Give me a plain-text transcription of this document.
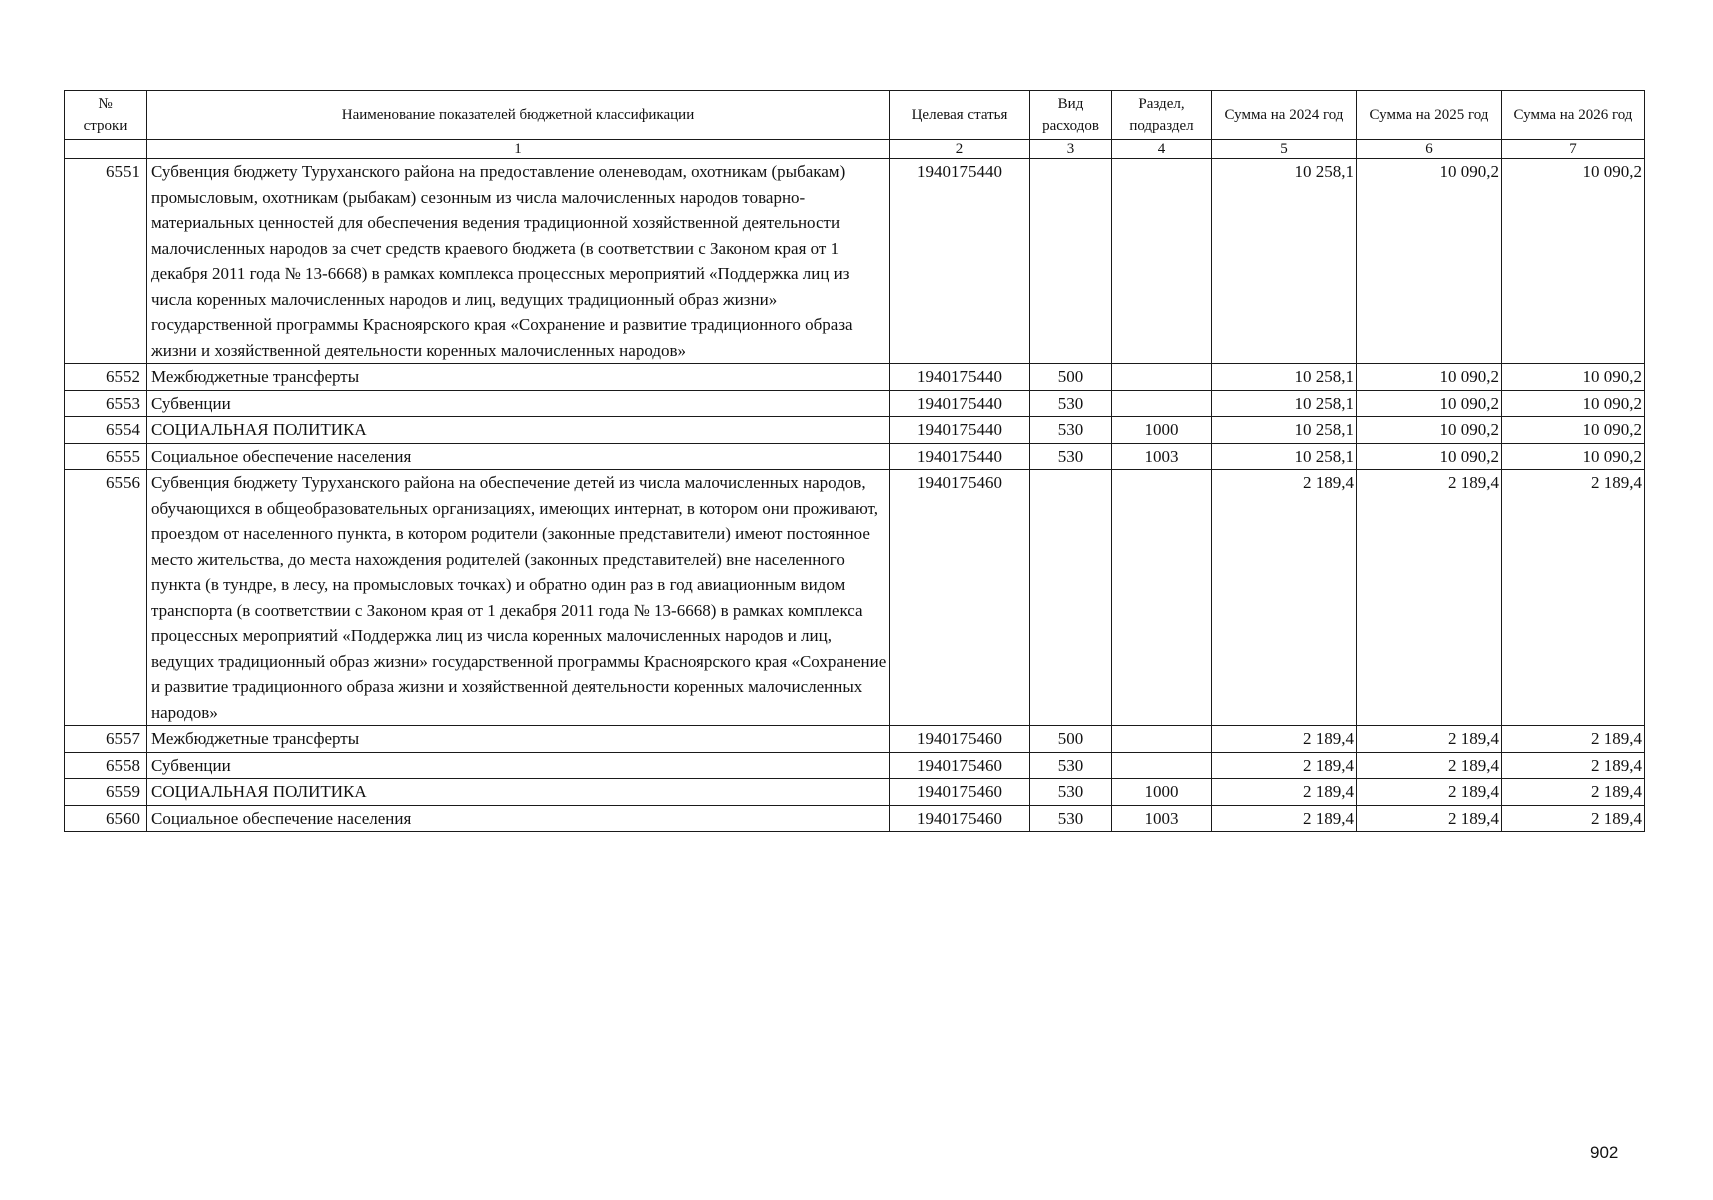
№
строки	Наименование показателей бюджетной классификации	Целевая статья	Вид расходов	Раздел, подраздел	Сумма на 2024 год	Сумма на 2025 год	Сумма на 2026 год
	1	2	3	4	5	6	7
6551	Субвенция бюджету Туруханского района на предоставление оленеводам, охотникам (рыбакам) промысловым, охотникам (рыбакам) сезонным из числа малочисленных народов товарно-материальных ценностей для обеспечения ведения традиционной хозяйственной деятельности малочисленных народов за счет средств краевого бюджета (в соответствии с Законом края от 1 декабря 2011 года № 13-6668) в рамках комплекса процессных мероприятий «Поддержка лиц из числа коренных малочисленных народов и лиц, ведущих традиционный образ жизни» государственной программы Красноярского края «Сохранение и развитие традиционного образа жизни и хозяйственной деятельности коренных малочисленных народов»	1940175440			10 258,1	10 090,2	10 090,2
6552	Межбюджетные трансферты	1940175440	500		10 258,1	10 090,2	10 090,2
6553	Субвенции	1940175440	530		10 258,1	10 090,2	10 090,2
6554	СОЦИАЛЬНАЯ ПОЛИТИКА	1940175440	530	1000	10 258,1	10 090,2	10 090,2
6555	Социальное обеспечение населения	1940175440	530	1003	10 258,1	10 090,2	10 090,2
6556	Субвенция бюджету Туруханского района на обеспечение детей из числа малочисленных народов, обучающихся в общеобразовательных организациях, имеющих интернат, в котором они проживают, проездом от населенного пункта, в котором родители (законные представители) имеют постоянное место жительства, до места нахождения родителей (законных представителей) вне населенного пункта (в тундре, в лесу, на промысловых точках) и обратно один раз в год авиационным видом транспорта (в соответствии с Законом края от 1 декабря 2011 года № 13-6668) в рамках комплекса процессных мероприятий «Поддержка лиц из числа коренных малочисленных народов и лиц, ведущих традиционный образ жизни» государственной программы Красноярского края «Сохранение и развитие традиционного образа жизни и хозяйственной деятельности коренных малочисленных народов»	1940175460			2 189,4	2 189,4	2 189,4
6557	Межбюджетные трансферты	1940175460	500		2 189,4	2 189,4	2 189,4
6558	Субвенции	1940175460	530		2 189,4	2 189,4	2 189,4
6559	СОЦИАЛЬНАЯ ПОЛИТИКА	1940175460	530	1000	2 189,4	2 189,4	2 189,4
6560	Социальное обеспечение населения	1940175460	530	1003	2 189,4	2 189,4	2 189,4
902
